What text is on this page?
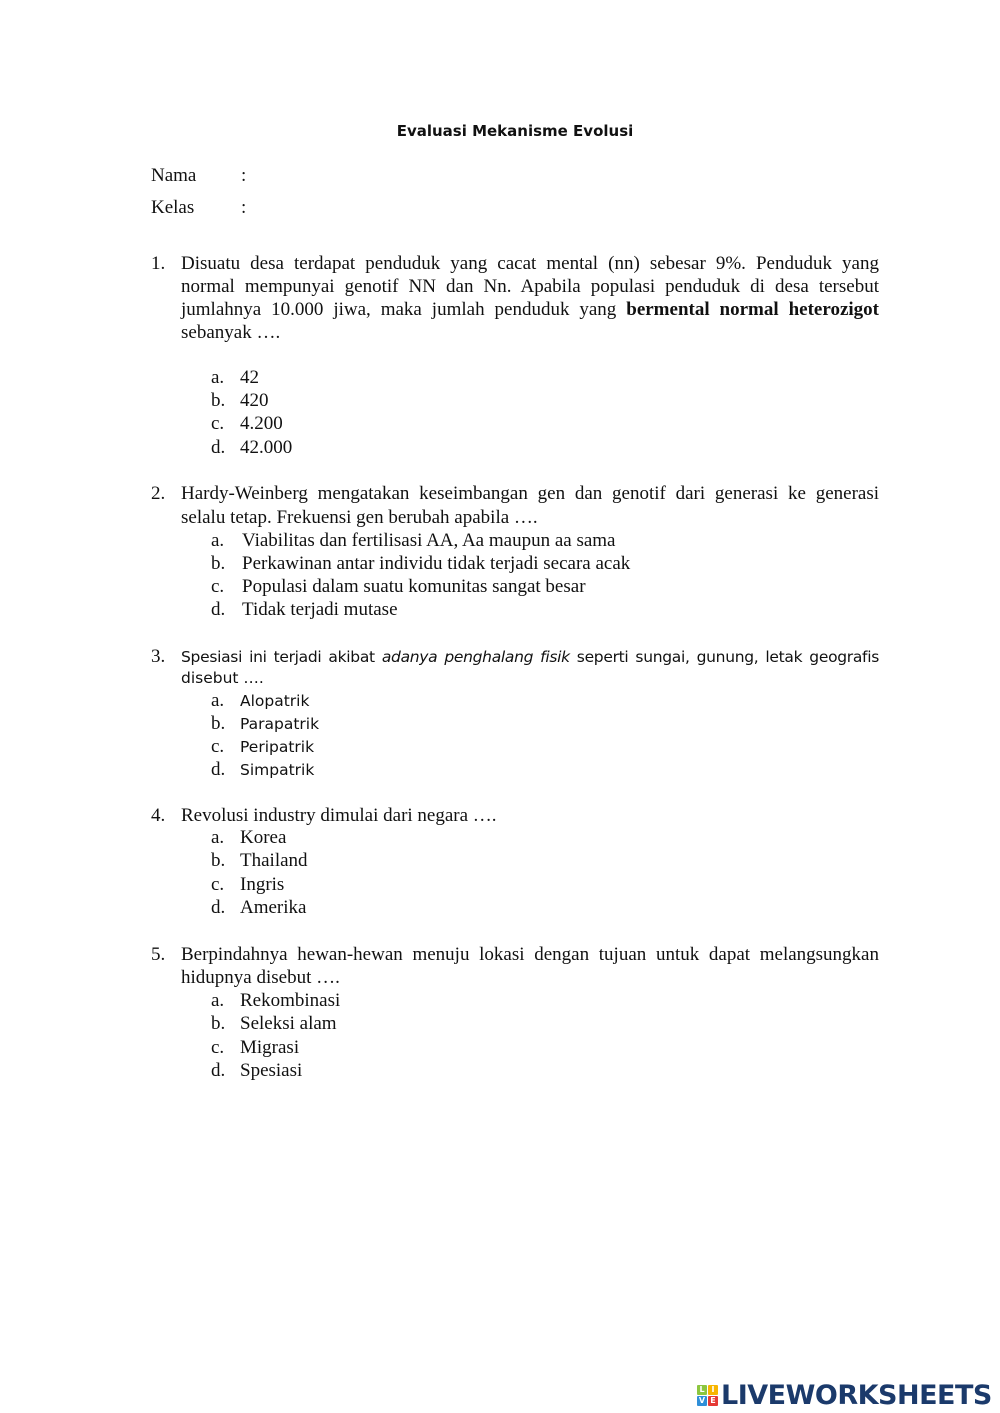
Evaluasi Mekanisme Evolusi
Nama :
Kelas :
1. Disuatu desa terdapat penduduk yang cacat mental (nn) sebesar 9%. Penduduk yang
normal mempunyai genotif NN dan Nn. Apabila populasi penduduk di desa tersebut
jumlahnya 10.000 jiwa, maka jumlah penduduk yang bermental normal heterozigot
sebanyak ….
a. 42
b. 420
c. 4.200
d. 42.000
2. Hardy-Weinberg mengatakan keseimbangan gen dan genotif dari generasi ke generasi
selalu tetap. Frekuensi gen berubah apabila ….
a. Viabilitas dan fertilisasi AA, Aa maupun aa sama
b. Perkawinan antar individu tidak terjadi secara acak
c. Populasi dalam suatu komunitas sangat besar
d. Tidak terjadi mutase
3. Spesiasi ini terjadi akibat adanya penghalang fisik seperti sungai, gunung, letak geografis
disebut ….
a. Alopatrik
b. Parapatrik
c. Peripatrik
d. Simpatrik
4. Revolusi industry dimulai dari negara ….
a. Korea
b. Thailand
c. Ingris
d. Amerika
5. Berpindahnya hewan-hewan menuju lokasi dengan tujuan untuk dapat melangsungkan
hidupnya disebut ….
a. Rekombinasi
b. Seleksi alam
c. Migrasi
d. Spesiasi
L I
V E LIVEWORKSHEETS
